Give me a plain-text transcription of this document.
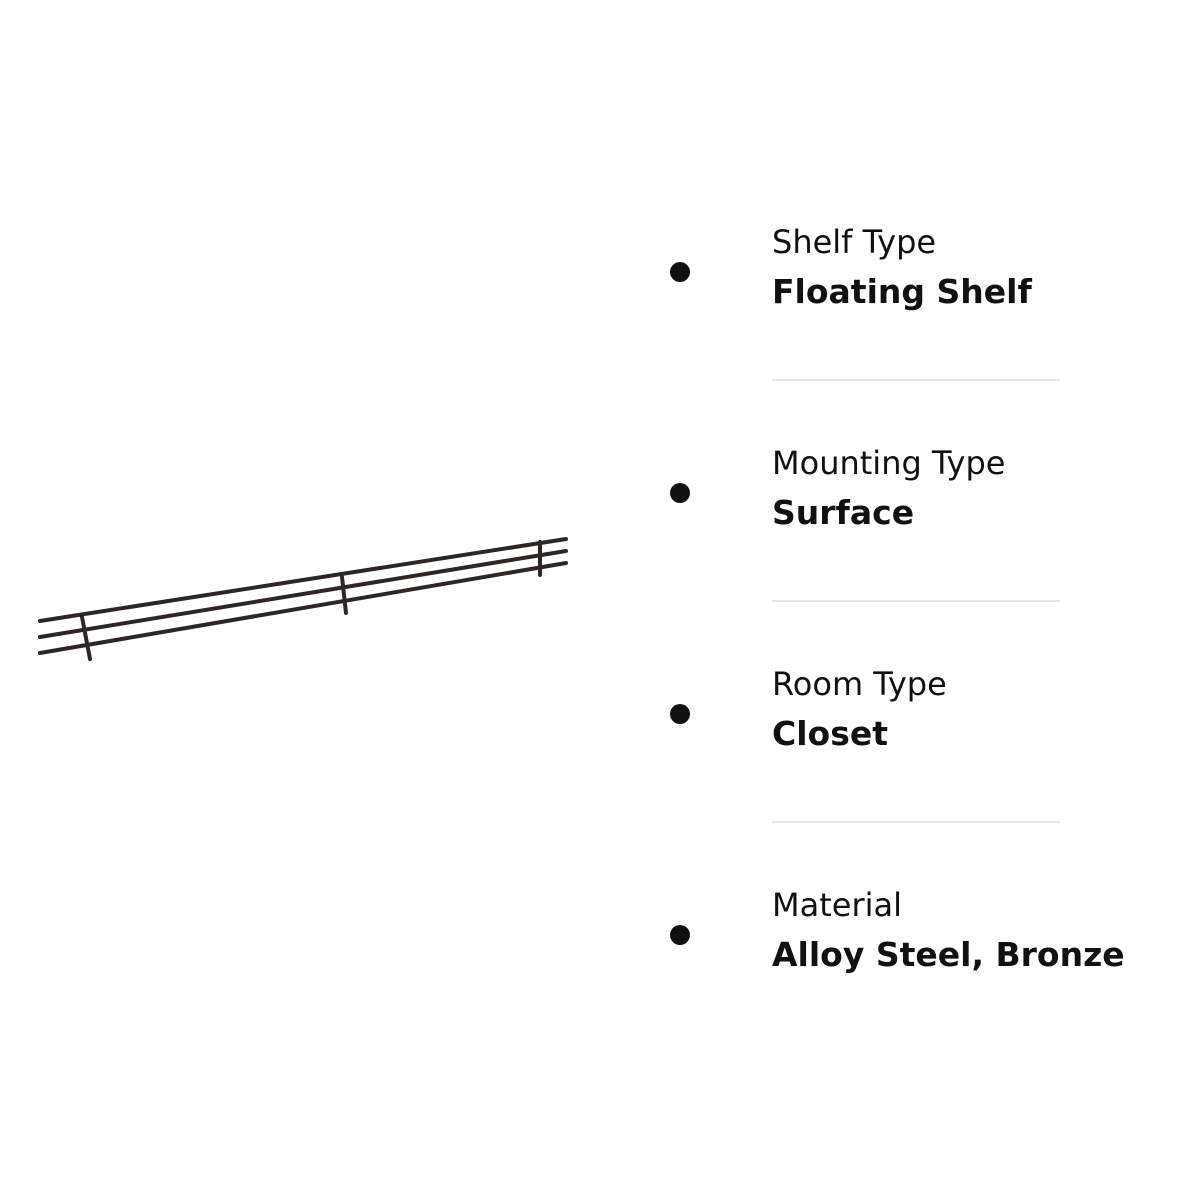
Shelf Type
Floating Shelf
Mounting Type
Surface
Room Type
Closet
Material
Alloy Steel, Bronze
